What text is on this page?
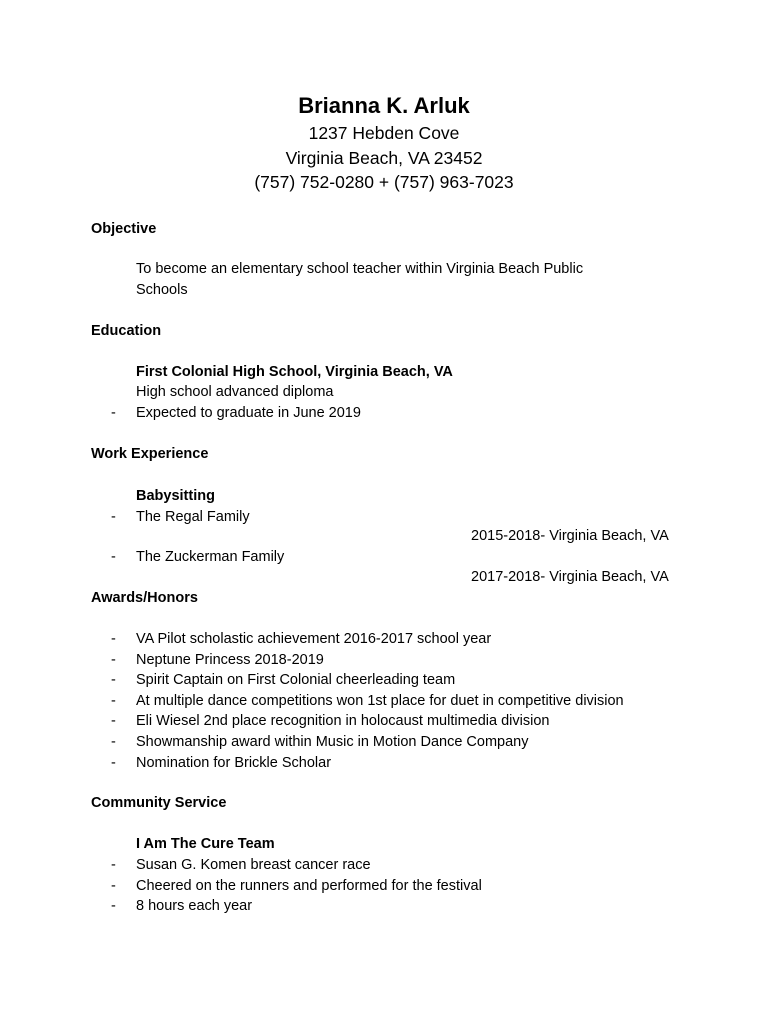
Brianna K. Arluk
1237 Hebden Cove
Virginia Beach, VA 23452
(757) 752-0280 + (757) 963-7023
Objective
To become an elementary school teacher within Virginia Beach Public
Schools
Education
First Colonial High School, Virginia Beach, VA
High school advanced diploma
- Expected to graduate in June 2019
Work Experience
Babysitting
- The Regal Family
2015-2018- Virginia Beach, VA
- The Zuckerman Family
2017-2018- Virginia Beach, VA
Awards/Honors
- VA Pilot scholastic achievement 2016-2017 school year
- Neptune Princess 2018-2019
- Spirit Captain on First Colonial cheerleading team
- At multiple dance competitions won 1st place for duet in competitive division
- Eli Wiesel 2nd place recognition in holocaust multimedia division
- Showmanship award within Music in Motion Dance Company
- Nomination for Brickle Scholar
Community Service
I Am The Cure Team
- Susan G. Komen breast cancer race
- Cheered on the runners and performed for the festival
- 8 hours each year
